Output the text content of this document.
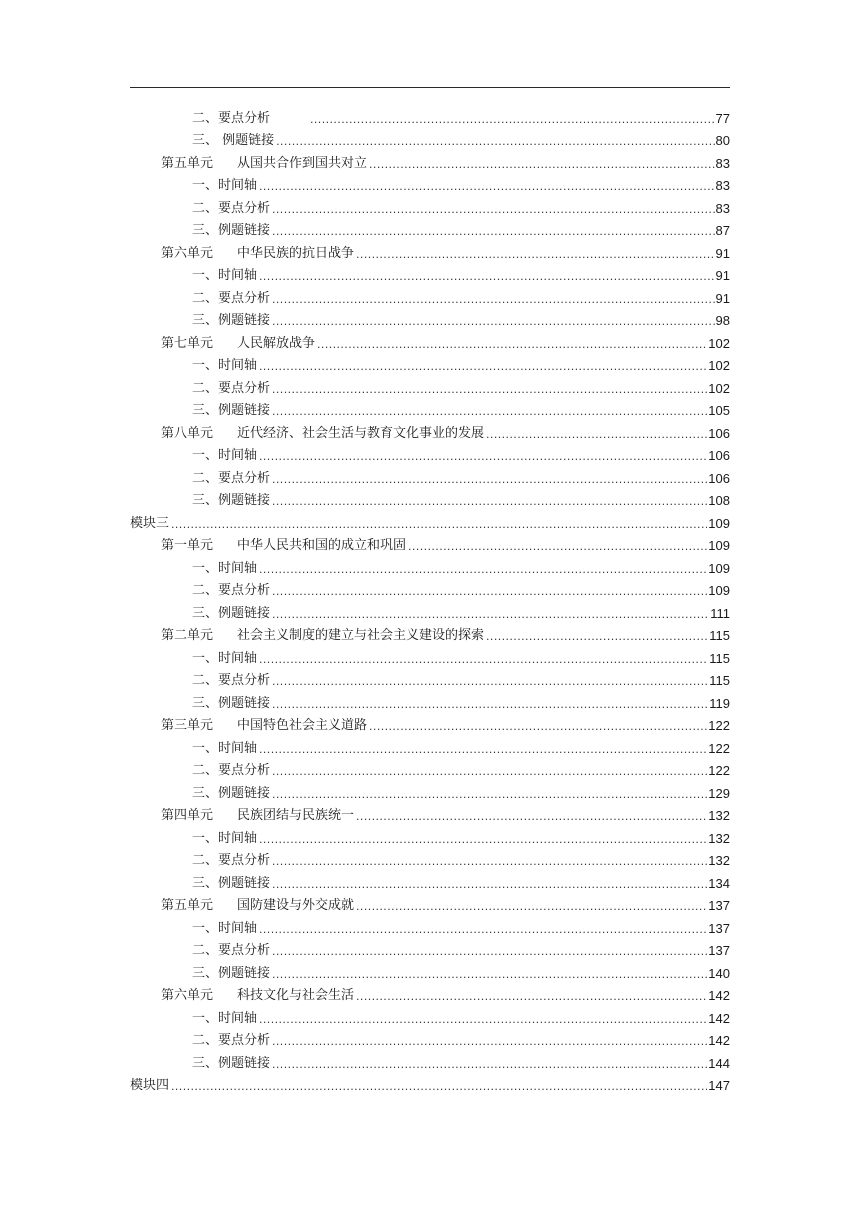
二、要点分析 .....	77
三、 例题链接 .....	80
第五单元 从国共合作到国共对立 .....	83
一、时间轴 .....	83
二、要点分析 .....	83
三、例题链接 .....	87
第六单元 中华民族的抗日战争 .....	91
一、时间轴 .....	91
二、要点分析 .....	91
三、例题链接 .....	98
第七单元 人民解放战争 .....	102
一、时间轴 .....	102
二、要点分析 .....	102
三、例题链接 .....	105
第八单元 近代经济、社会生活与教育文化事业的发展 .....	106
一、时间轴 .....	106
二、要点分析 .....	106
三、例题链接 .....	108
模块三 .....	109
第一单元 中华人民共和国的成立和巩固 .....	109
一、时间轴 .....	109
二、要点分析 .....	109
三、例题链接 .....	111
第二单元 社会主义制度的建立与社会主义建设的探索 .....	115
一、时间轴 .....	115
二、要点分析 .....	115
三、例题链接 .....	119
第三单元 中国特色社会主义道路 .....	122
一、时间轴 .....	122
二、要点分析 .....	122
三、例题链接 .....	129
第四单元 民族团结与民族统一 .....	132
一、时间轴 .....	132
二、要点分析 .....	132
三、例题链接 .....	134
第五单元 国防建设与外交成就 .....	137
一、时间轴 .....	137
二、要点分析 .....	137
三、例题链接 .....	140
第六单元 科技文化与社会生活 .....	142
一、时间轴 .....	142
二、要点分析 .....	142
三、例题链接 .....	144
模块四 .....	147
